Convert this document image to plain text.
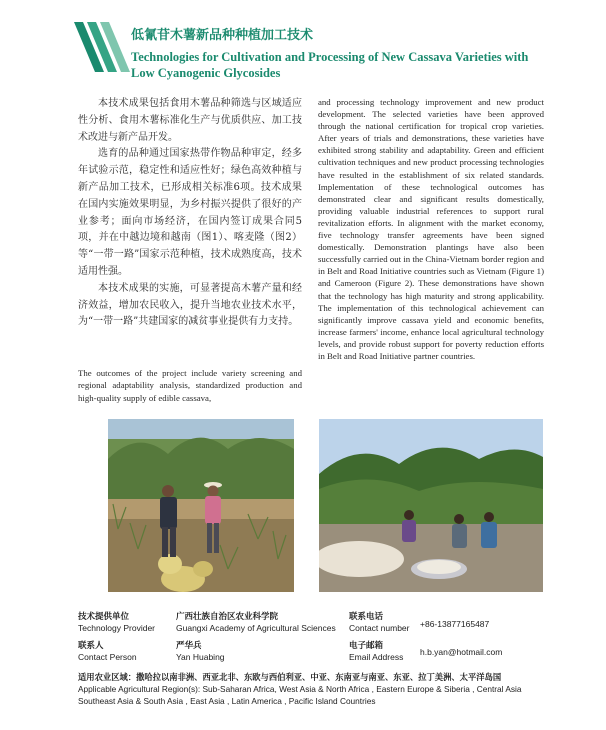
低氰苷木薯新品种种植加工技术
Technologies for Cultivation and Processing of New Cassava Varieties with Low Cyanogenic Glycosides

本技术成果包括食用木薯品种筛选与区域适应性分析、食用木薯标准化生产与优质供应、加工技术改进与新产品开发。

选育的品种通过国家热带作物品种审定，经多年试验示范，稳定性和适应性好；绿色高效种植与新产品加工技术，已形成相关标准6项。技术成果在国内实施效果明显，为乡村振兴提供了很好的产业参考；面向市场经济，在国内签订成果合同5项，并在中越边境和越南（图1）、喀麦隆（图2）等“一带一路”国家示范种植，技术成熟度高，技术适用性强。

本技术成果的实施，可显著提高木薯产量和经济效益，增加农民收入，提升当地农业技术水平，为“一带一路”共建国家的减贫事业提供有力支持。

The outcomes of the project include variety screening and regional adaptability analysis, standardized production and high-quality supply of edible cassava,
and processing technology improvement and new product development. The selected varieties have been approved through the national certification for tropical crop varieties. After years of trials and demonstrations, these varieties have exhibited strong stability and adaptability. Green and efficient cultivation techniques and new product processing technologies have resulted in the establishment of six related standards. Implementation of these technological outcomes has demonstrated clear and significant results domestically, providing valuable industrial references to support rural revitalization efforts. In alignment with the market economy, five technology transfer agreements have been signed domestically. Demonstration plantings have also been successfully carried out in the China-Vietnam border region and in Belt and Road Initiative countries such as Vietnam (Figure 1) and Cameroon (Figure 2). These demonstrations have shown that the technology has high maturity and strong applicability. The implementation of this technological achievement can significantly improve cassava yield and economic benefits, increase farmers' income, enhance local agricultural technology levels, and provide robust support for poverty reduction efforts in Belt and Road Initiative partner countries.
技术提供单位
Technology Provider
广西壮族自治区农业科学院
Guangxi Academy of Agricultural Sciences
联系电话
Contact number +86-13877165487
联系人
Contact Person
严华兵
Yan Huabing
电子邮箱
Email Address h.b.yan@hotmail.com
适用农业区域：撒哈拉以南非洲、西亚北非、东欧与西伯利亚、中亚、东南亚与南亚、东亚、拉丁美洲、太平洋岛国
Applicable Agricultural Region(s): Sub-Saharan Africa, West Asia & North Africa , Eastern Europe & Siberia , Central Asia Southeast Asia & South Asia , East Asia , Latin America , Pacific Island Countries
